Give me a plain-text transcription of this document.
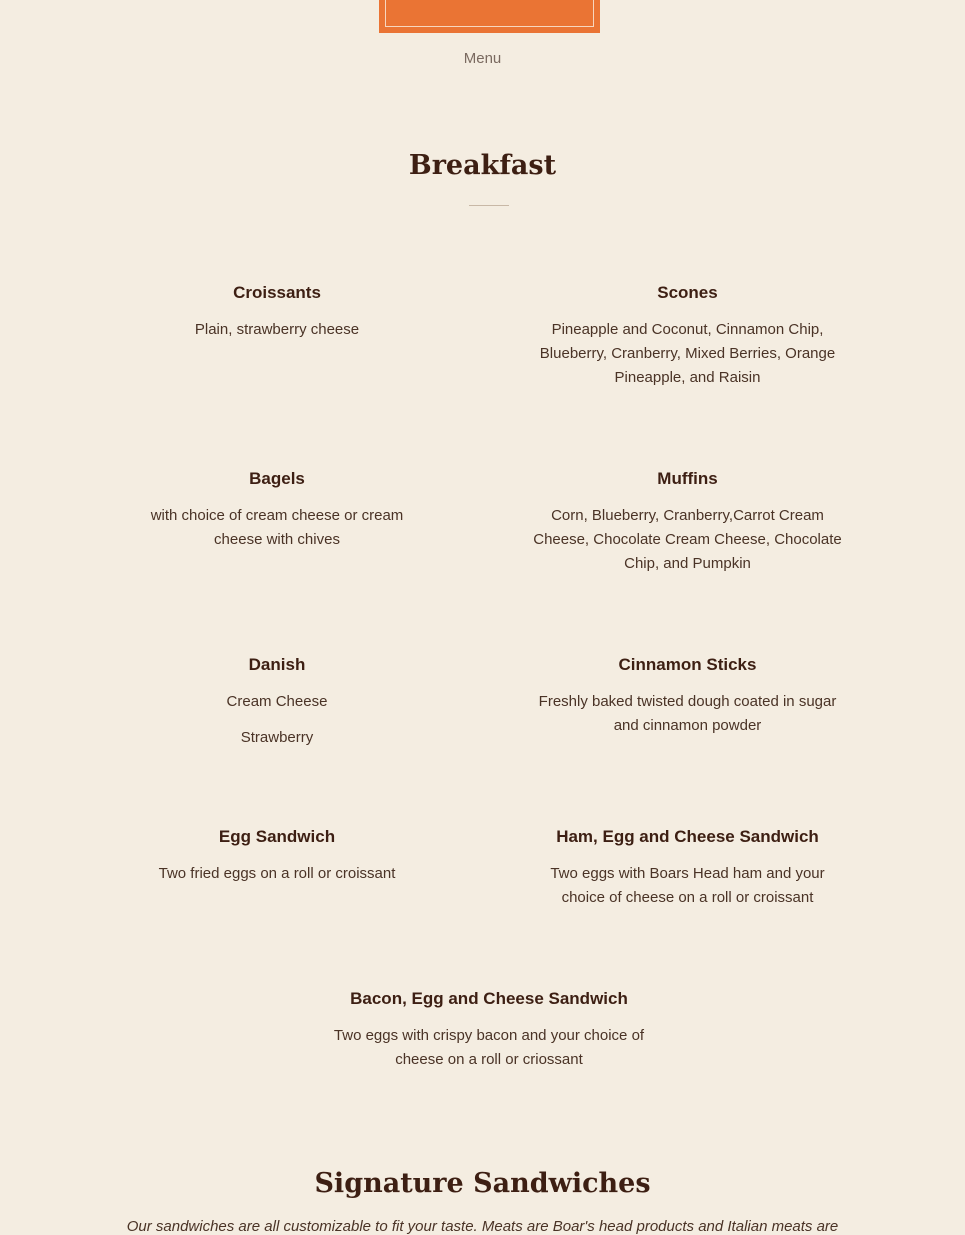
Menu
Breakfast
Croissants

Plain, strawberry cheese

Scones

Pineapple and Coconut, Cinnamon Chip, Blueberry, Cranberry, Mixed Berries, Orange Pineapple, and Raisin

Bagels

with choice of cream cheese or cream cheese with chives

Muffins

Corn, Blueberry, Cranberry,Carrot Cream Cheese, Chocolate Cream Cheese, Chocolate Chip, and Pumpkin

Danish

Cream Cheese

Strawberry

Cinnamon Sticks

Freshly baked twisted dough coated in sugar and cinnamon powder

Egg Sandwich

Two fried eggs on a roll or croissant

Ham, Egg and Cheese Sandwich

Two eggs with Boars Head ham and your choice of cheese on a roll or croissant

Bacon, Egg and Cheese Sandwich

Two eggs with crispy bacon and your choice of cheese on a roll or criossant

Signature Sandwiches
Our sandwiches are all customizable to fit your taste. Meats are Boar's head products and Italian meats are
